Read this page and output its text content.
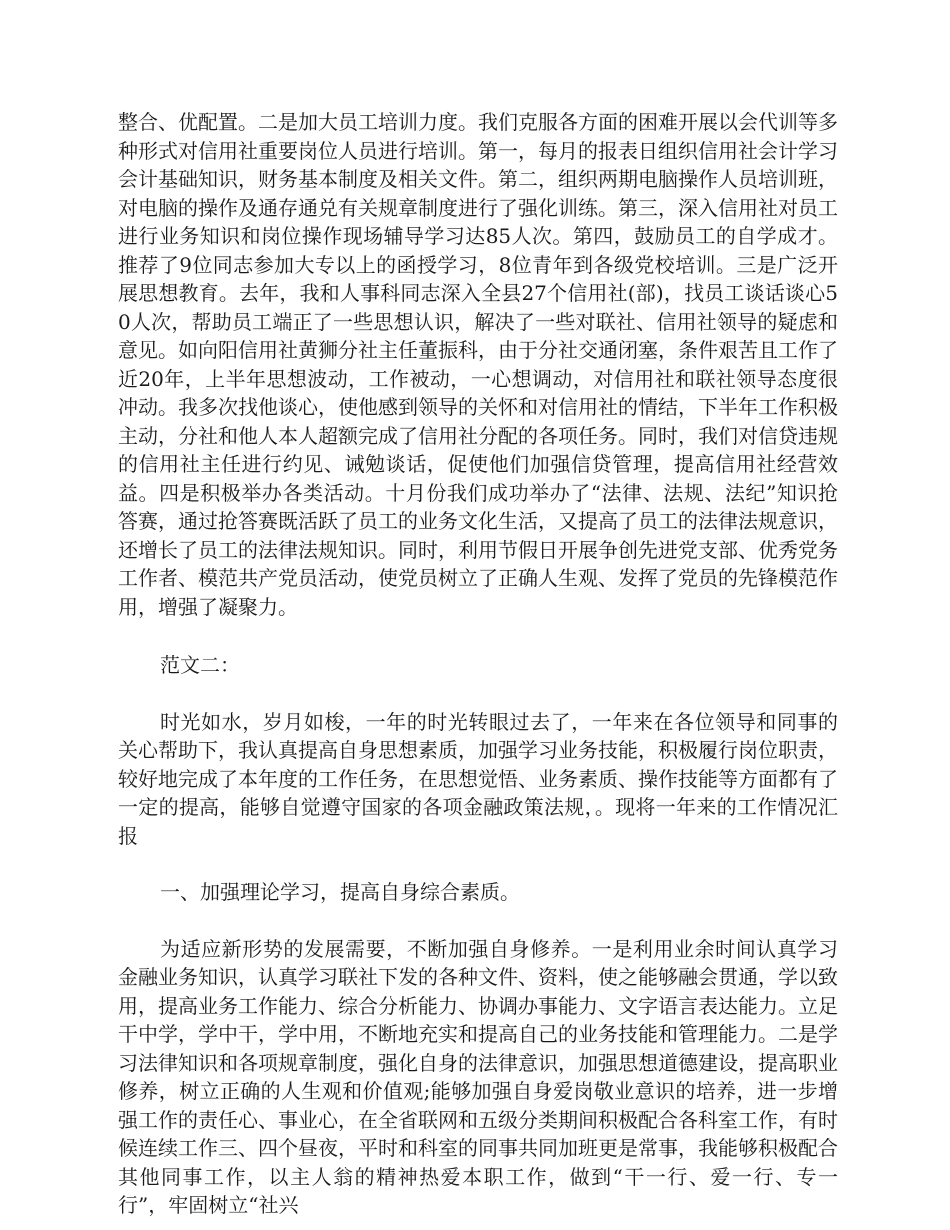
整合、优配置。二是加大员工培训力度。我们克服各方面的困难开展以会代训等多种形式对信用社重要岗位人员进行培训。第一，每月的报表日组织信用社会计学习会计基础知识，财务基本制度及相关文件。第二，组织两期电脑操作人员培训班，对电脑的操作及通存通兑有关规章制度进行了强化训练。第三，深入信用社对员工进行业务知识和岗位操作现场辅导学习达85人次。第四，鼓励员工的自学成才。推荐了9位同志参加大专以上的函授学习，8位青年到各级党校培训。三是广泛开展思想教育。去年，我和人事科同志深入全县27个信用社(部)，找员工谈话谈心50人次，帮助员工端正了一些思想认识，解决了一些对联社、信用社领导的疑虑和意见。如向阳信用社黄狮分社主任董振科，由于分社交通闭塞，条件艰苦且工作了近20年，上半年思想波动，工作被动，一心想调动，对信用社和联社领导态度很冲动。我多次找他谈心，使他感到领导的关怀和对信用社的情结，下半年工作积极主动，分社和他人本人超额完成了信用社分配的各项任务。同时，我们对信贷违规的信用社主任进行约见、诫勉谈话，促使他们加强信贷管理，提高信用社经营效益。四是积极举办各类活动。十月份我们成功举办了“法律、法规、法纪”知识抢答赛，通过抢答赛既活跃了员工的业务文化生活，又提高了员工的法律法规意识，还增长了员工的法律法规知识。同时，利用节假日开展争创先进党支部、优秀党务工作者、模范共产党员活动，使党员树立了正确人生观、发挥了党员的先锋模范作用，增强了凝聚力。

范文二：

时光如水，岁月如梭，一年的时光转眼过去了，一年来在各位领导和同事的关心帮助下，我认真提高自身思想素质，加强学习业务技能，积极履行岗位职责，较好地完成了本年度的工作任务，在思想觉悟、业务素质、操作技能等方面都有了一定的提高，能够自觉遵守国家的各项金融政策法规，。现将一年来的工作情况汇报

一、加强理论学习，提高自身综合素质。

为适应新形势的发展需要，不断加强自身修养。一是利用业余时间认真学习金融业务知识，认真学习联社下发的各种文件、资料，使之能够融会贯通，学以致用，提高业务工作能力、综合分析能力、协调办事能力、文字语言表达能力。立足干中学，学中干，学中用，不断地充实和提高自己的业务技能和管理能力。二是学习法律知识和各项规章制度，强化自身的法律意识，加强思想道德建设，提高职业修养，树立正确的人生观和价值观;能够加强自身爱岗敬业意识的培养，进一步增强工作的责任心、事业心，在全省联网和五级分类期间积极配合各科室工作，有时候连续工作三、四个昼夜，平时和科室的同事共同加班更是常事，我能够积极配合其他同事工作，以主人翁的精神热爱本职工作，做到“干一行、爱一行、专一行”，牢固树立“社兴
